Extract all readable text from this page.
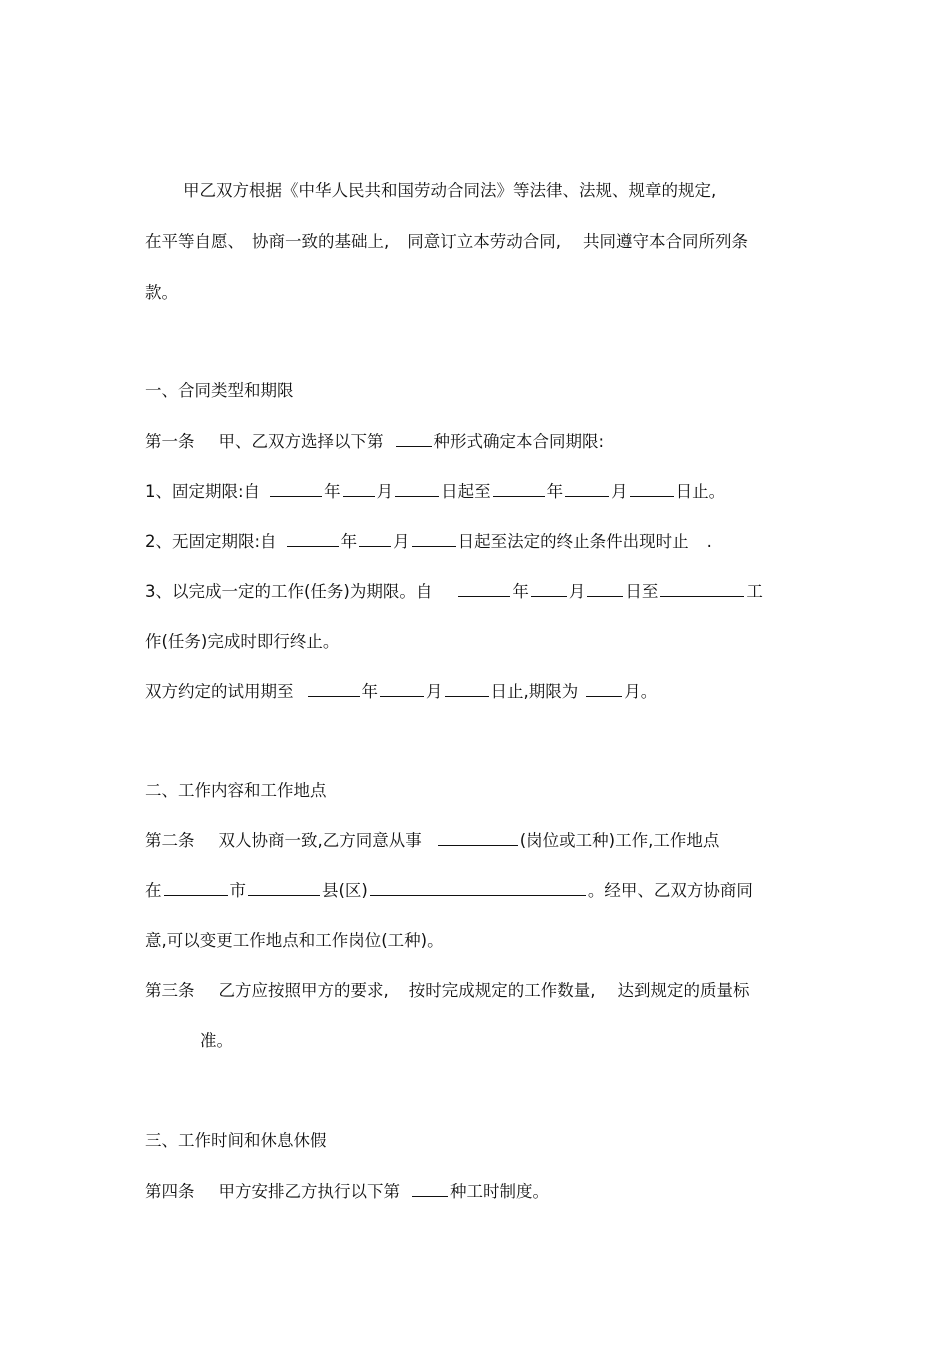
甲乙双方根据《中华人民共和国劳动合同法》等法律、法规、规章的规定,
在平等自愿、 协商一致的基础上, 同意订立本劳动合同, 共同遵守本合同所列条
款。
一、合同类型和期限
第一条 甲、乙双方选择以下第	种形式确定本合同期限:
1、固定期限:自	年 月	日起至	年	月	日止。
2、无固定期限:自	年 月	日起至法定的终止条件出现时止 .
3、以完成一定的工作(任务)为期限。自	年 月 日至	工
作(任务)完成时即行终止。
双方约定的试用期至	年	月	日止,期限为	月。
二、工作内容和工作地点
第二条 双人协商一致,乙方同意从事	(岗位或工种)工作,工作地点
在	市	县(区)	。经甲、乙双方协商同
意,可以变更工作地点和工作岗位(工种)。
第三条 乙方应按照甲方的要求, 按时完成规定的工作数量, 达到规定的质量标
准。
三、工作时间和休息休假
第四条 甲方安排乙方执行以下第	种工时制度。
